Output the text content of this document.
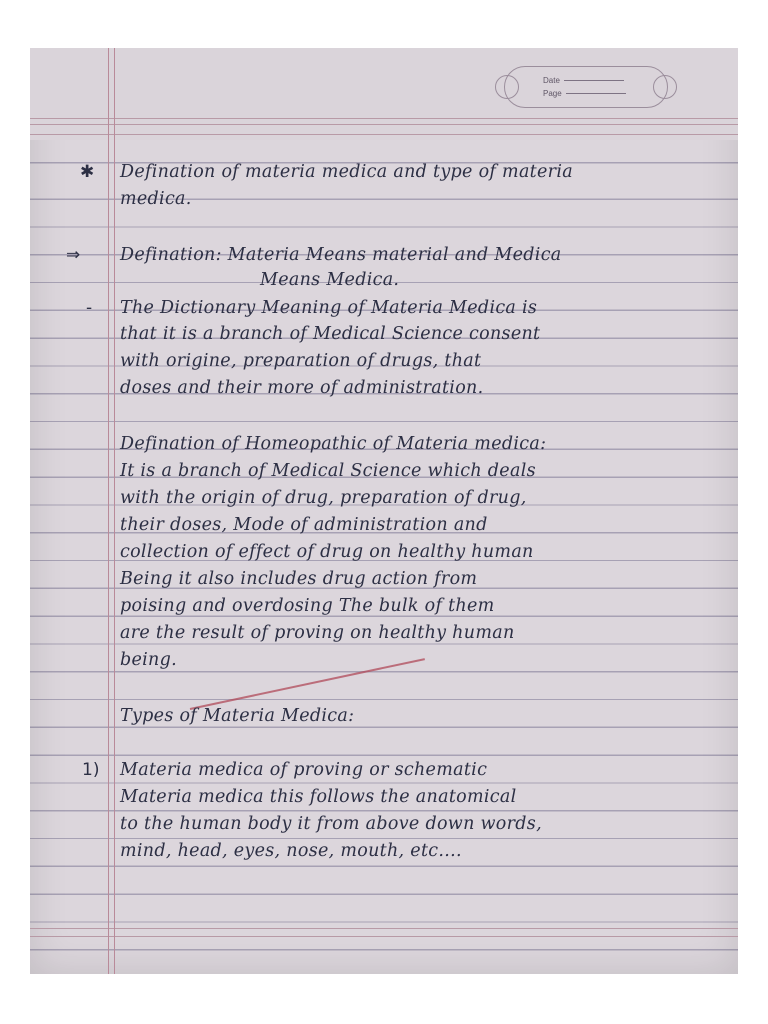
Date
Page
✱ Defination of materia medica and type of materia
medica.
⇒ Defination: Materia Means material and Medica
Means Medica.
- The Dictionary Meaning of Materia Medica is
that it is a branch of Medical Science consent
with origine, preparation of drugs, that
doses and their more of administration.
Defination of Homeopathic of Materia medica:
It is a branch of Medical Science which deals
with the origin of drug, preparation of drug,
their doses, Mode of administration and
collection of effect of drug on healthy human
Being it also includes drug action from
poising and overdosing The bulk of them
are the result of proving on healthy human
being.
Types of Materia Medica:
1) Materia medica of proving or schematic
Materia medica this follows the anatomical
to the human body it from above down words,
mind, head, eyes, nose, mouth, etc....
